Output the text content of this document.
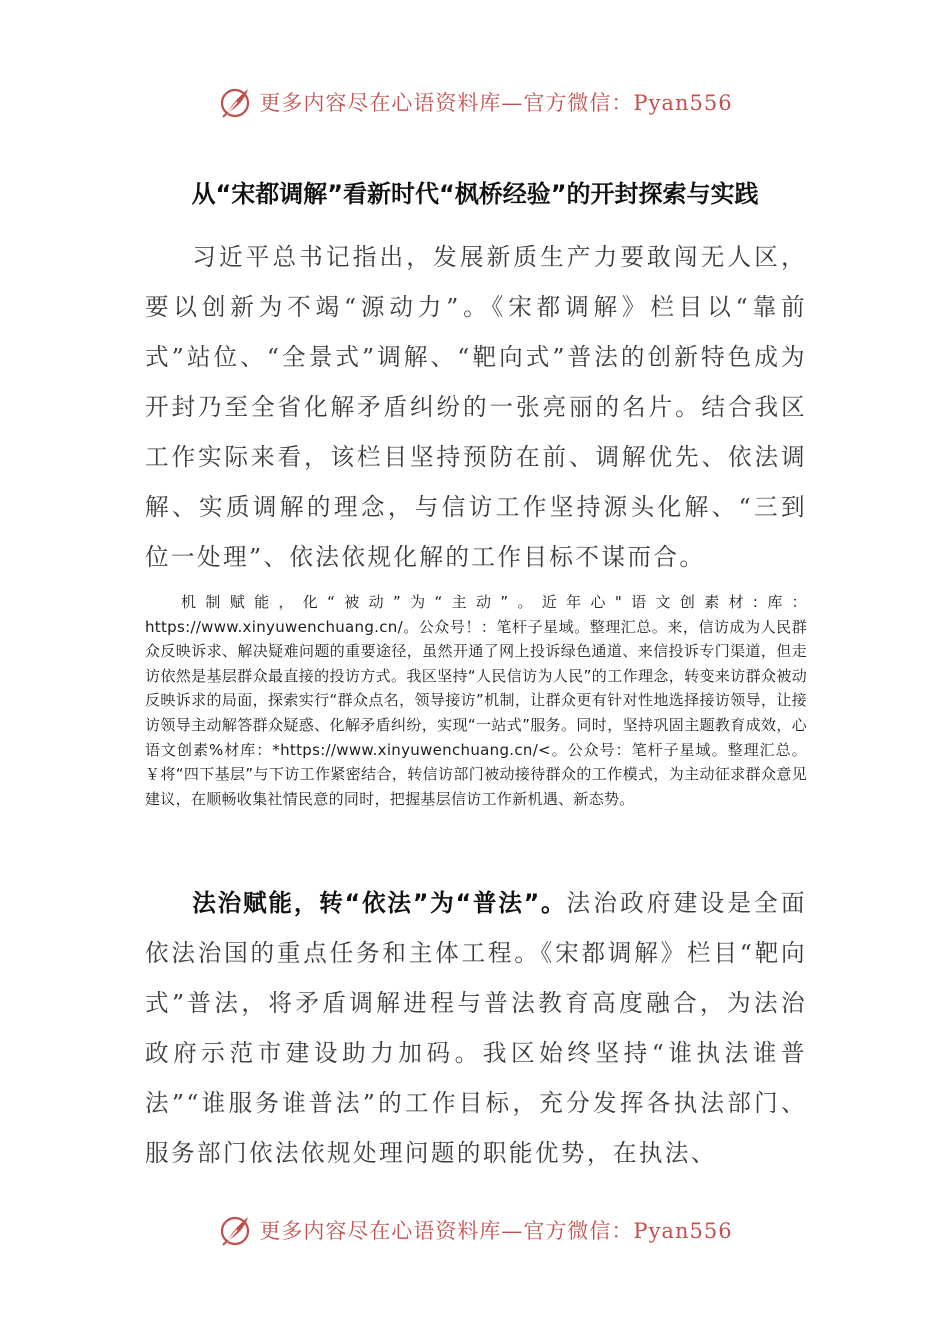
更多内容尽在心语资料库—官方微信：Pyan556
从“宋都调解”看新时代“枫桥经验”的开封探索与实践

习近平总书记指出，发展新质生产力要敢闯无人区，要以创新为不竭“源动力”。《宋都调解》栏目以“靠前式”站位、“全景式”调解、“靶向式”普法的创新特色成为开封乃至全省化解矛盾纠纷的一张亮丽的名片。结合我区工作实际来看，该栏目坚持预防在前、调解优先、依法调解、实质调解的理念，与信访工作坚持源头化解、“三到位一处理”、依法依规化解的工作目标不谋而合。

机制赋能，化“被动”为“主动”。近年心"语文创素材:库：https://www.xinyuwenchuang.cn/。公众号！：笔杆子星域。整理汇总。来，信访成为人民群众反映诉求、解决疑难问题的重要途径，虽然开通了网上投诉绿色通道、来信投诉专门渠道，但走访依然是基层群众最直接的投访方式。我区坚持“人民信访为人民”的工作理念，转变来访群众被动反映诉求的局面，探索实行“群众点名，领导接访”机制，让群众更有针对性地选择接访领导，让接访领导主动解答群众疑惑、化解矛盾纠纷，实现“一站式”服务。同时，坚持巩固主题教育成效，心语文创素%材库：*https://www.xinyuwenchuang.cn/<。公众号：笔杆子星域。整理汇总。￥将“四下基层”与下访工作紧密结合，转信访部门被动接待群众的工作模式，为主动征求群众意见建议，在顺畅收集社情民意的同时，把握基层信访工作新机遇、新态势。

法治赋能，转“依法”为“普法”。法治政府建设是全面依法治国的重点任务和主体工程。《宋都调解》栏目“靶向式”普法，将矛盾调解进程与普法教育高度融合，为法治政府示范市建设助力加码。我区始终坚持“谁执法谁普法”“谁服务谁普法”的工作目标，充分发挥各执法部门、服务部门依法依规处理问题的职能优势，在执法、

更多内容尽在心语资料库—官方微信：Pyan556
